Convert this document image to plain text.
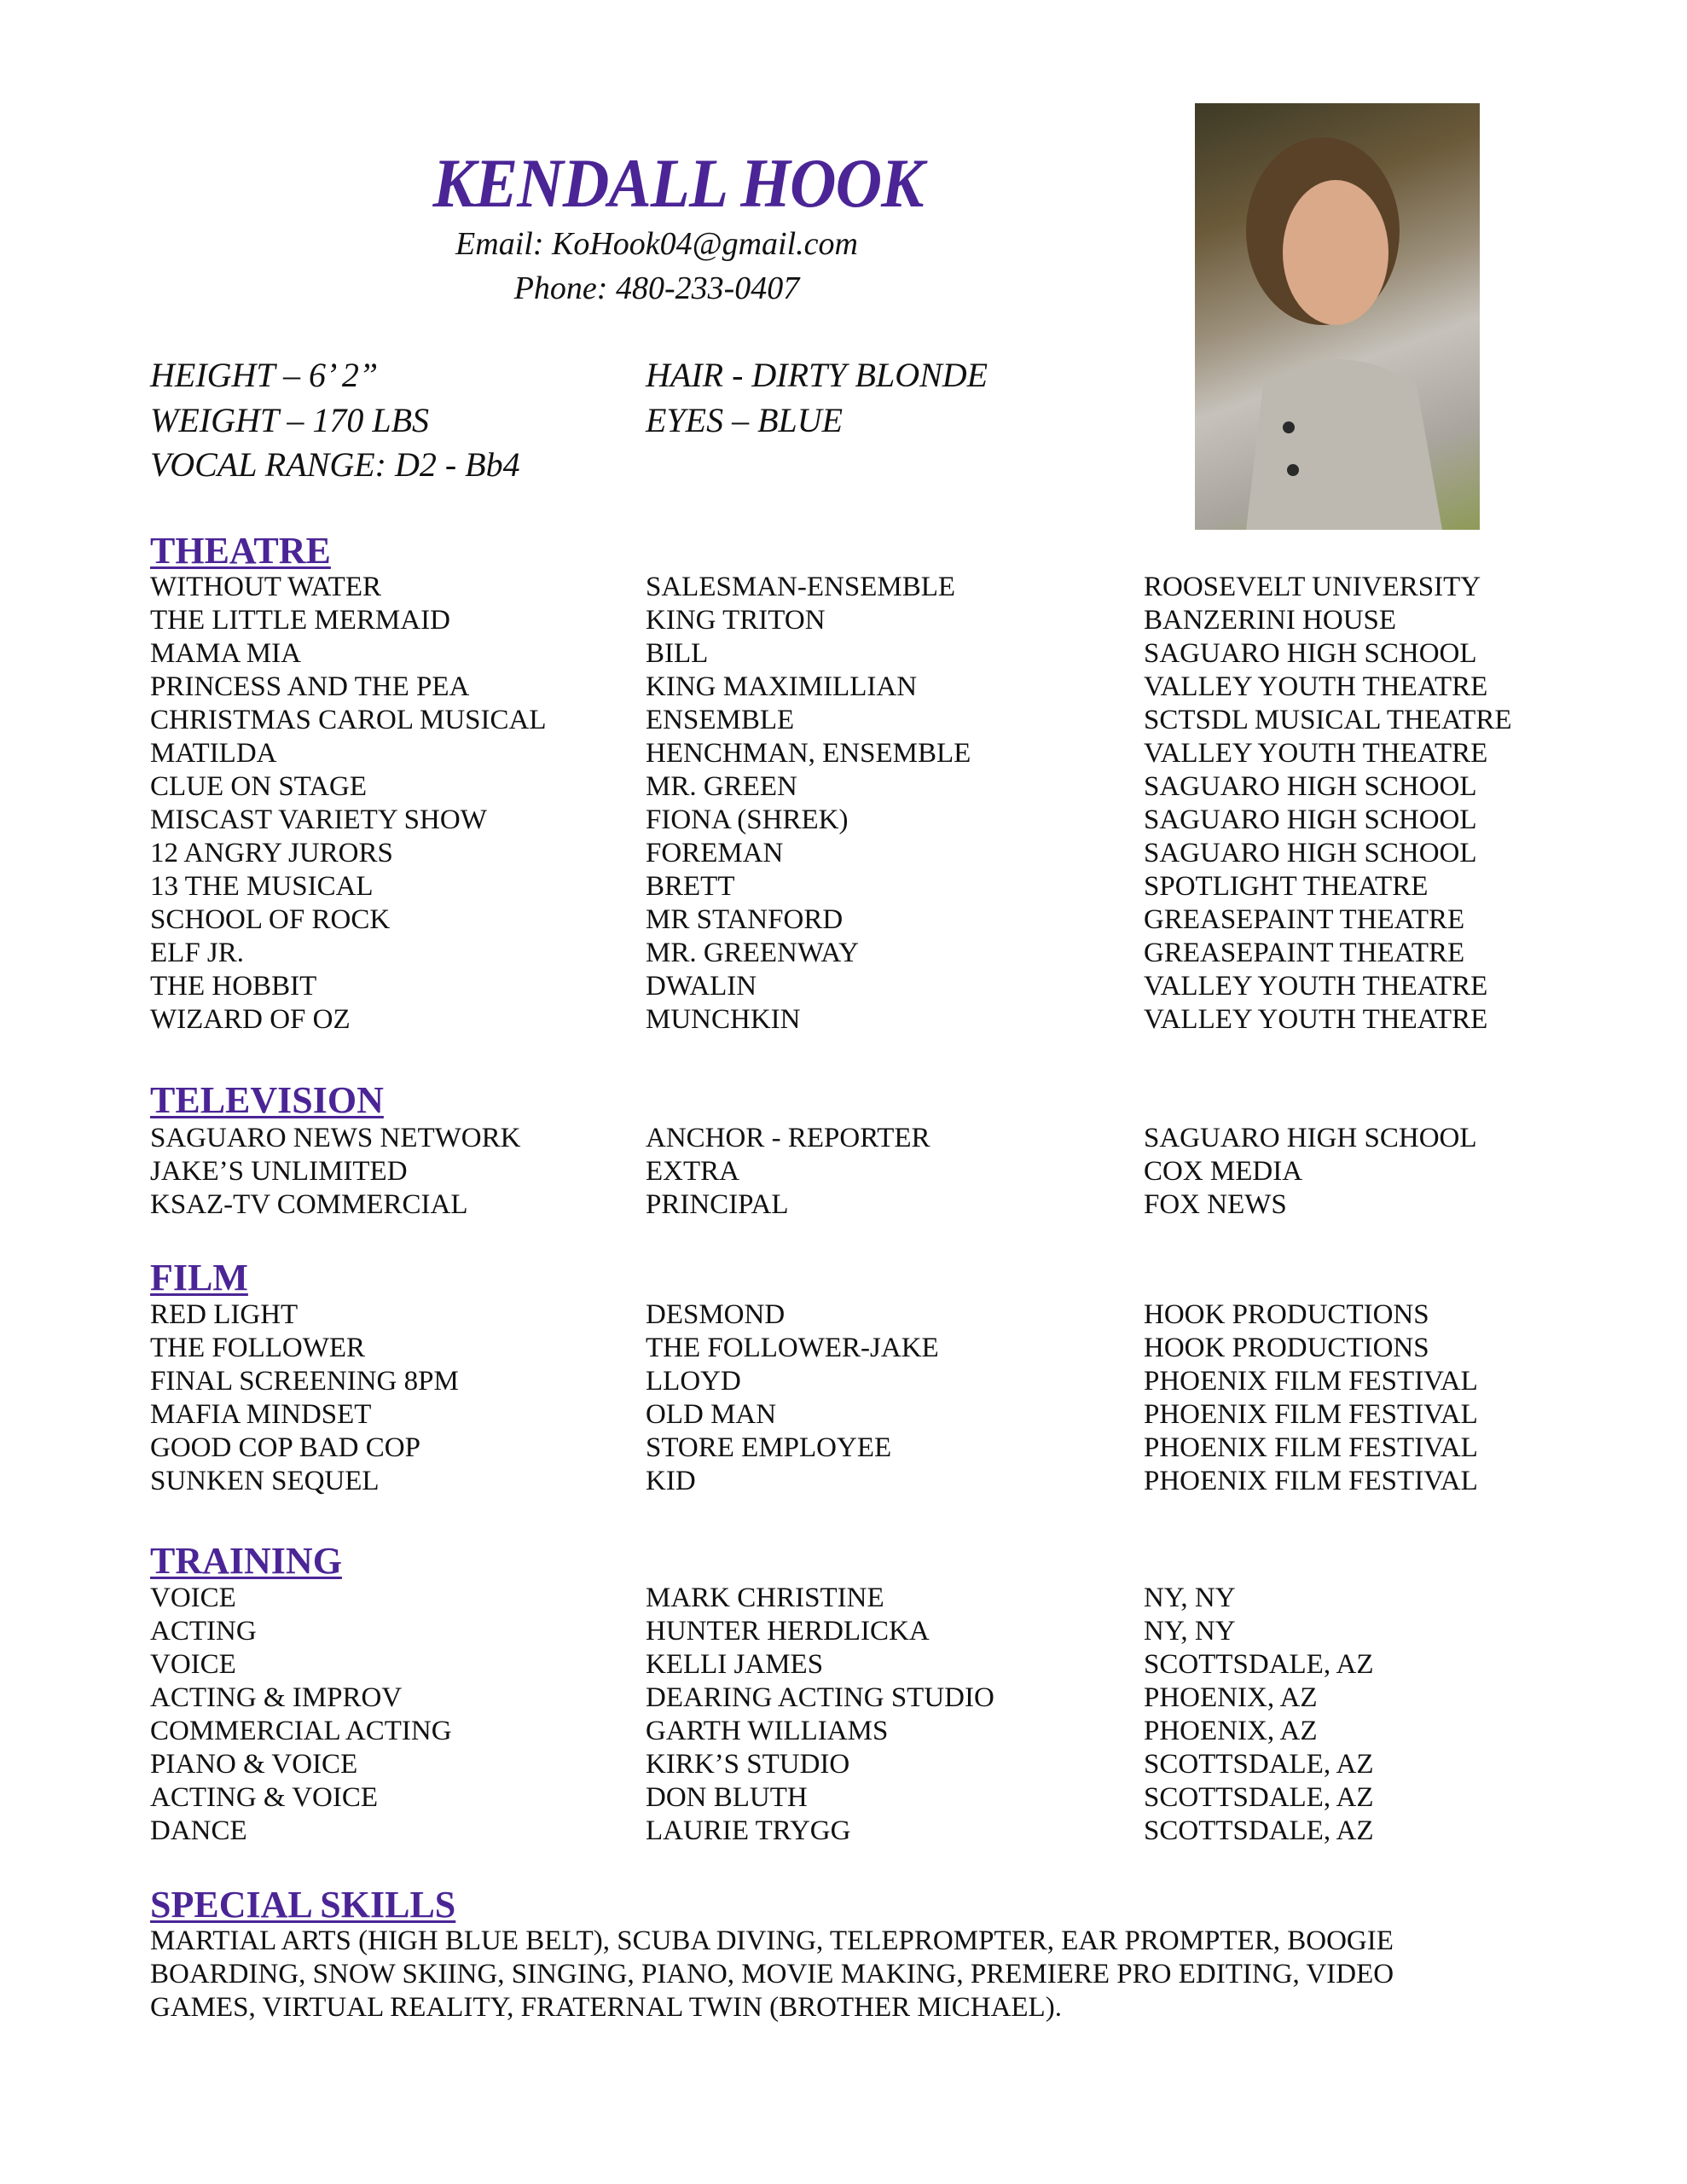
KENDALL HOOK
Email: KoHook04@gmail.com
Phone: 480-233-0407
HEIGHT – 6’ 2”
WEIGHT – 170 LBS
VOCAL RANGE: D2 - Bb4
HAIR - DIRTY BLONDE
EYES – BLUE
THEATRE
WITHOUT WATER	SALESMAN-ENSEMBLE	ROOSEVELT UNIVERSITY
THE LITTLE MERMAID	KING TRITON	BANZERINI HOUSE
MAMA MIA	BILL	SAGUARO HIGH SCHOOL
PRINCESS AND THE PEA	KING MAXIMILLIAN	VALLEY YOUTH THEATRE
CHRISTMAS CAROL MUSICAL	ENSEMBLE	SCTSDL MUSICAL THEATRE
MATILDA	HENCHMAN, ENSEMBLE	VALLEY YOUTH THEATRE
CLUE ON STAGE	MR. GREEN	SAGUARO HIGH SCHOOL
MISCAST VARIETY SHOW	FIONA (SHREK)	SAGUARO HIGH SCHOOL
12 ANGRY JURORS	FOREMAN	SAGUARO HIGH SCHOOL
13 THE MUSICAL	BRETT	SPOTLIGHT THEATRE
SCHOOL OF ROCK	MR STANFORD	GREASEPAINT THEATRE
ELF JR.	MR. GREENWAY	GREASEPAINT THEATRE
THE HOBBIT	DWALIN	VALLEY YOUTH THEATRE
WIZARD OF OZ	MUNCHKIN	VALLEY YOUTH THEATRE
TELEVISION
SAGUARO NEWS NETWORK	ANCHOR - REPORTER	SAGUARO HIGH SCHOOL
JAKE’S UNLIMITED	EXTRA	COX MEDIA
KSAZ-TV COMMERCIAL	PRINCIPAL	FOX NEWS
FILM
RED LIGHT	DESMOND	HOOK PRODUCTIONS
THE FOLLOWER	THE FOLLOWER-JAKE	HOOK PRODUCTIONS
FINAL SCREENING 8PM	LLOYD	PHOENIX FILM FESTIVAL
MAFIA MINDSET	OLD MAN	PHOENIX FILM FESTIVAL
GOOD COP BAD COP	STORE EMPLOYEE	PHOENIX FILM FESTIVAL
SUNKEN SEQUEL	KID	PHOENIX FILM FESTIVAL
TRAINING
VOICE	MARK CHRISTINE	NY, NY
ACTING	HUNTER HERDLICKA	NY, NY
VOICE	KELLI JAMES	SCOTTSDALE, AZ
ACTING & IMPROV	DEARING ACTING STUDIO	PHOENIX, AZ
COMMERCIAL ACTING	GARTH WILLIAMS	PHOENIX, AZ
PIANO & VOICE	KIRK’S STUDIO	SCOTTSDALE, AZ
ACTING & VOICE	DON BLUTH	SCOTTSDALE, AZ
DANCE	LAURIE TRYGG	SCOTTSDALE, AZ
SPECIAL SKILLS
MARTIAL ARTS (HIGH BLUE BELT), SCUBA DIVING, TELEPROMPTER, EAR PROMPTER, BOOGIE BOARDING, SNOW SKIING, SINGING, PIANO, MOVIE MAKING, PREMIERE PRO EDITING, VIDEO GAMES, VIRTUAL REALITY, FRATERNAL TWIN (BROTHER MICHAEL).
